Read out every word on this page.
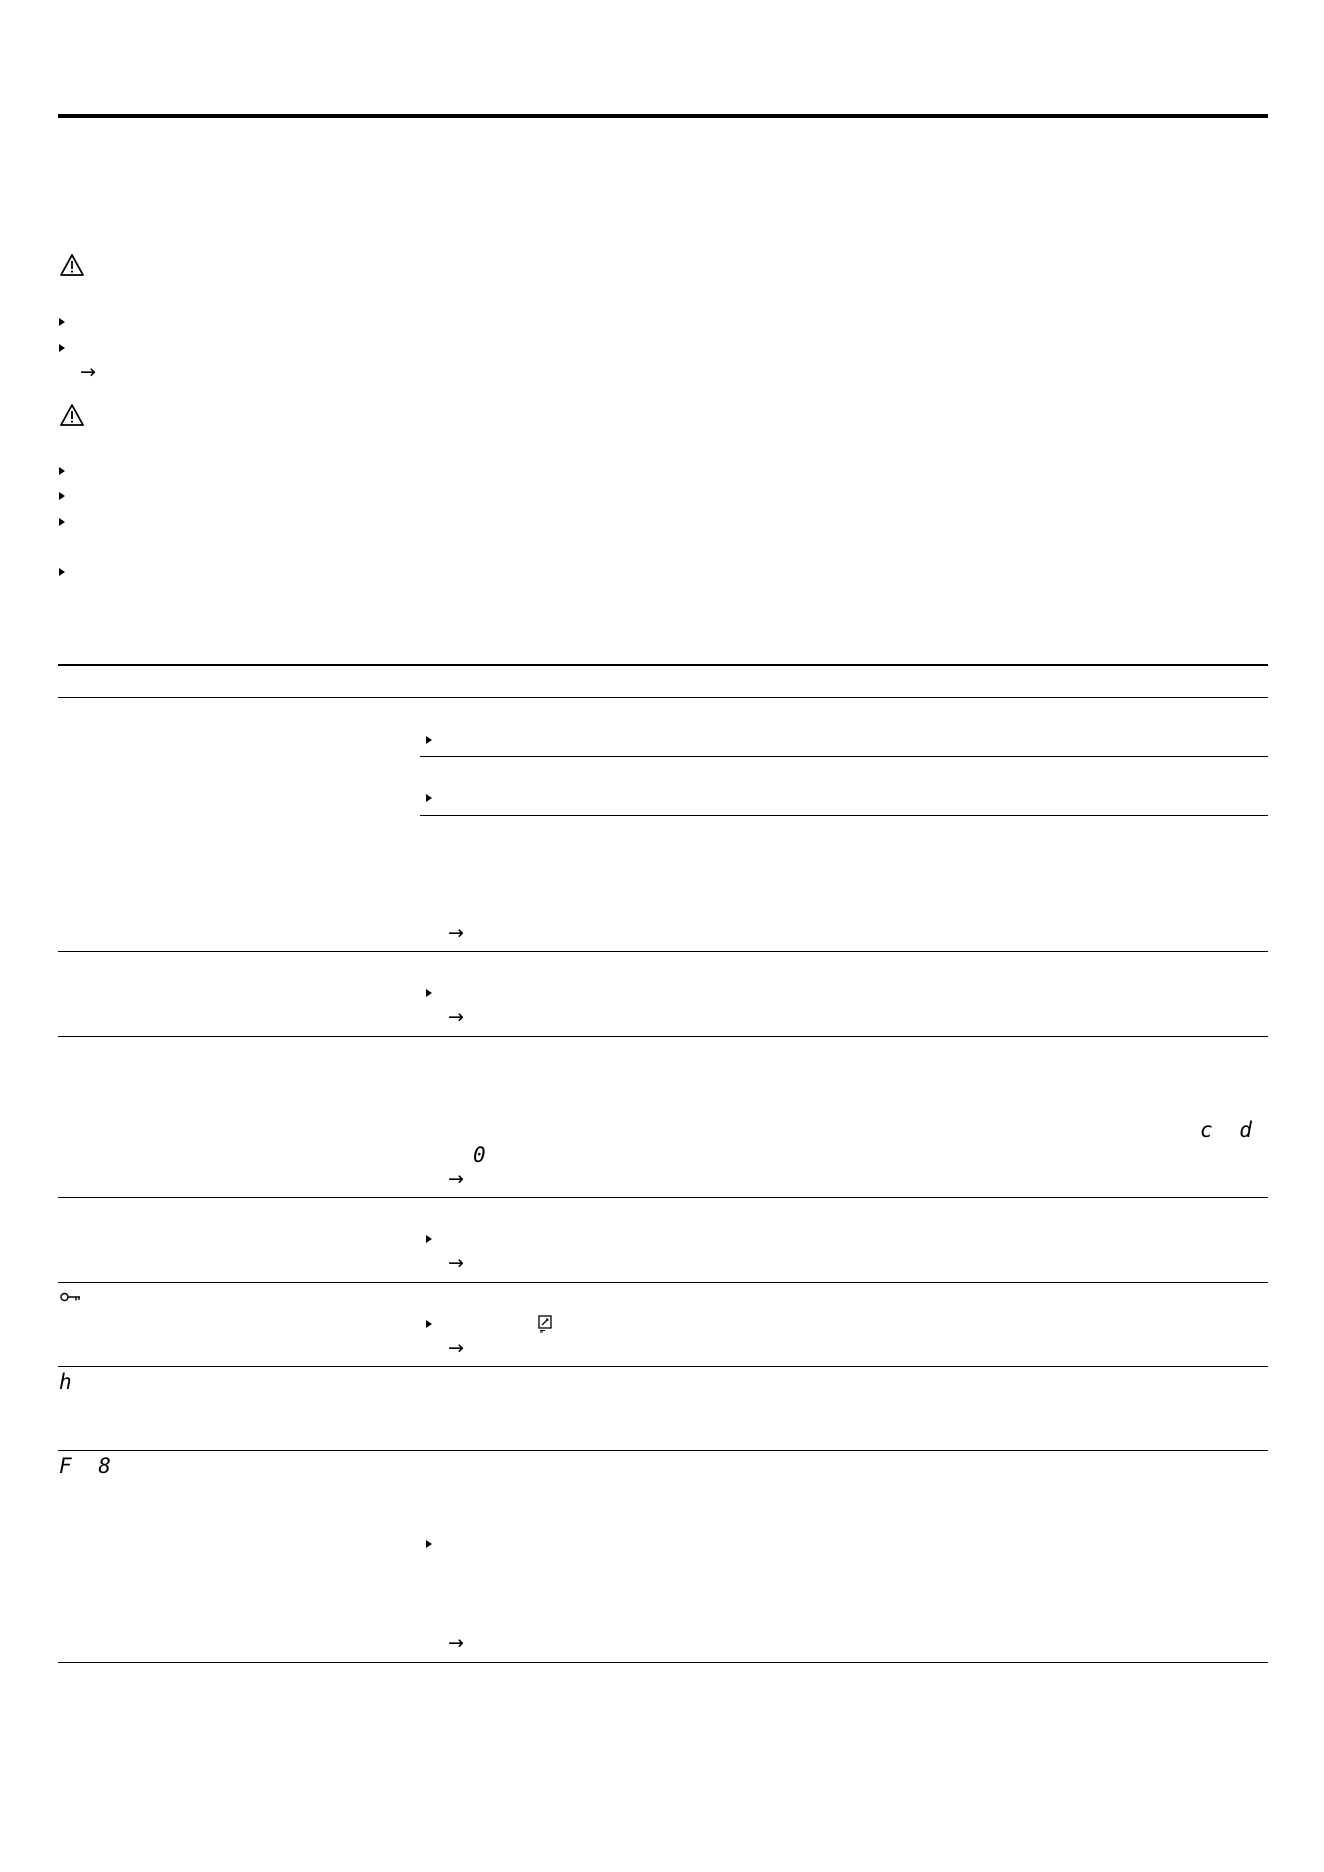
→
→
→
c d
0
→
→
→
h
F 8
→
